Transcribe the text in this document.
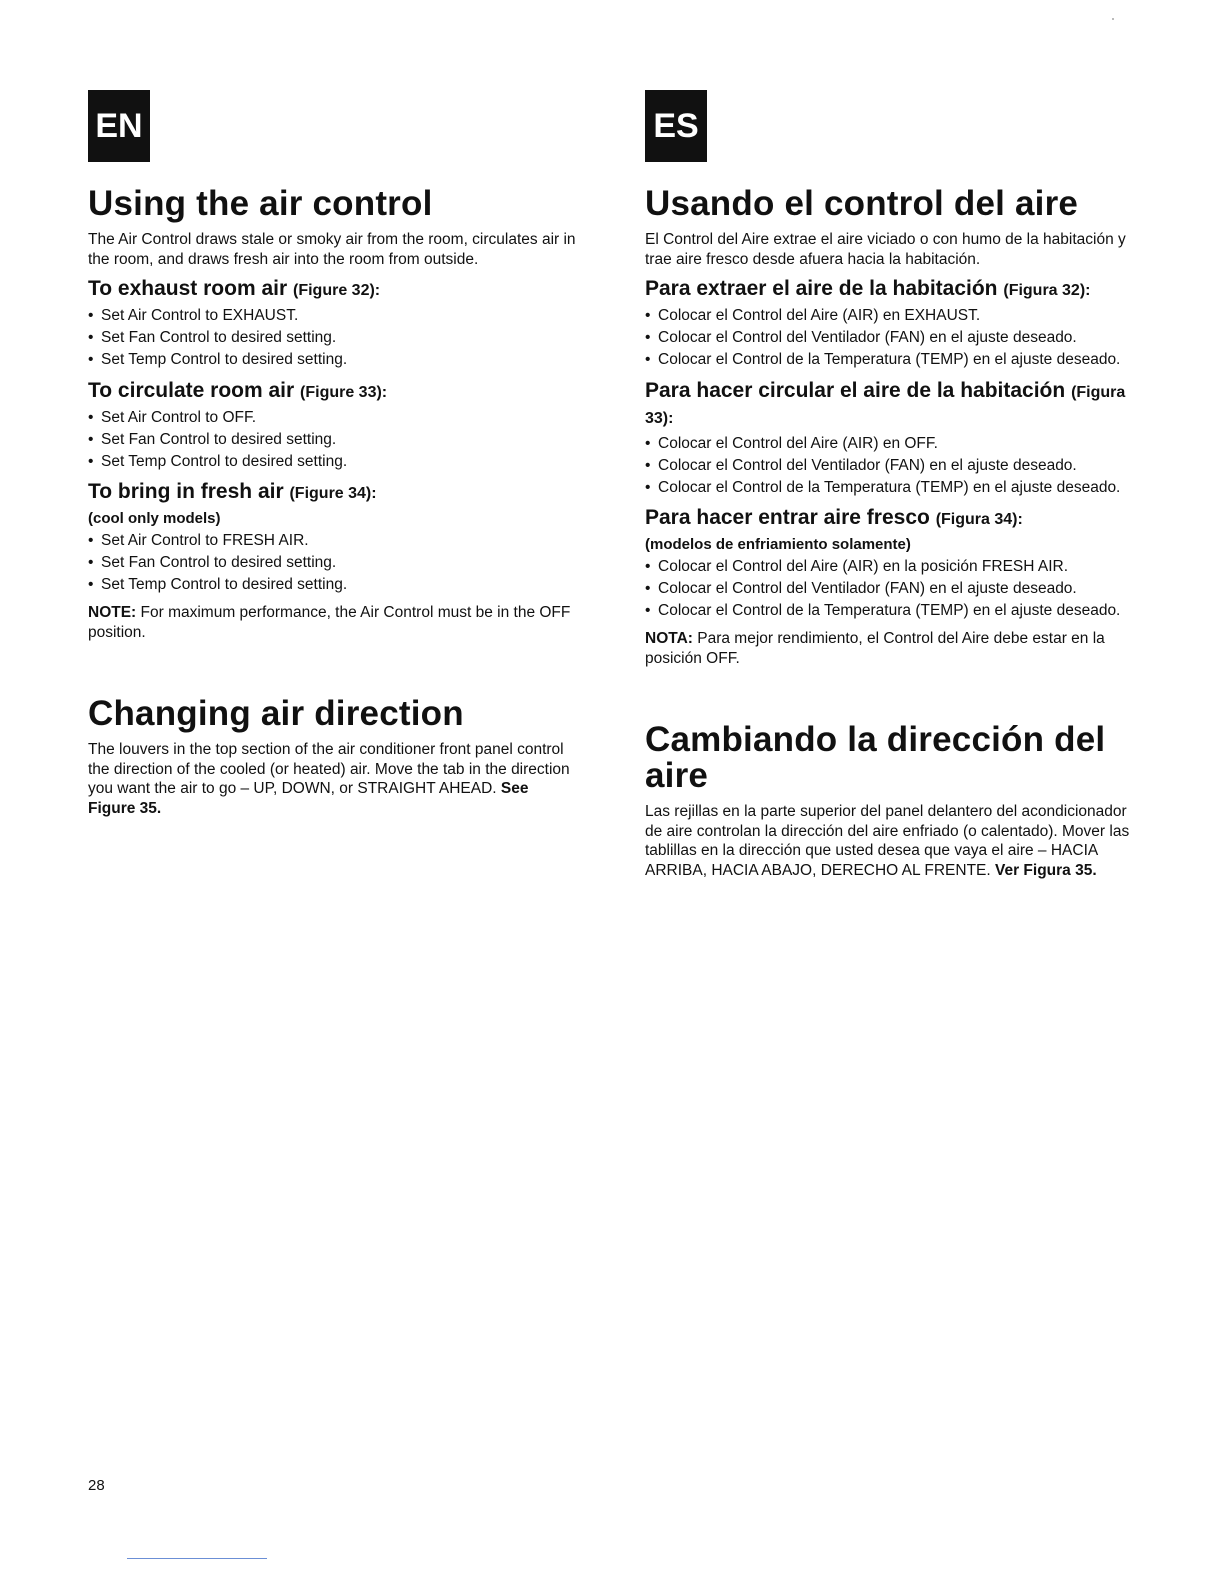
EN
Using the air control

The Air Control draws stale or smoky air from the room, circulates air in the room, and draws fresh air into the room from outside.

To exhaust room air (Figure 32):
• Set Air Control to EXHAUST.
• Set Fan Control to desired setting.
• Set Temp Control to desired setting.
To circulate room air (Figure 33):
• Set Air Control to OFF.
• Set Fan Control to desired setting.
• Set Temp Control to desired setting.
To bring in fresh air (Figure 34):

(cool only models)

• Set Air Control to FRESH AIR.
• Set Fan Control to desired setting.
• Set Temp Control to desired setting.

NOTE: For maximum performance, the Air Control must be in the OFF position.

Changing air direction

The louvers in the top section of the air conditioner front panel control the direction of the cooled (or heated) air. Move the tab in the direction you want the air to go – UP, DOWN, or STRAIGHT AHEAD. See Figure 35.

ES
Usando el control del aire

El Control del Aire extrae el aire viciado o con humo de la habitación y trae aire fresco desde afuera hacia la habitación.

Para extraer el aire de la habitación (Figura 32):
• Colocar el Control del Aire (AIR) en EXHAUST.
• Colocar el Control del Ventilador (FAN) en el ajuste deseado.
• Colocar el Control de la Temperatura (TEMP) en el ajuste deseado.
Para hacer circular el aire de la habitación (Figura 33):
• Colocar el Control del Aire (AIR) en OFF.
• Colocar el Control del Ventilador (FAN) en el ajuste deseado.
• Colocar el Control de la Temperatura (TEMP) en el ajuste deseado.
Para hacer entrar aire fresco (Figura 34):

(modelos de enfriamiento solamente)

• Colocar el Control del Aire (AIR) en la posición FRESH AIR.
• Colocar el Control del Ventilador (FAN) en el ajuste deseado.
• Colocar el Control de la Temperatura (TEMP) en el ajuste deseado.

NOTA: Para mejor rendimiento, el Control del Aire debe estar en la posición OFF.

Cambiando la dirección del aire

Las rejillas en la parte superior del panel delantero del acondicionador de aire controlan la dirección del aire enfriado (o calentado). Mover las tablillas en la dirección que usted desea que vaya el aire – HACIA ARRIBA, HACIA ABAJO, DERECHO AL FRENTE. Ver Figura 35.

28
